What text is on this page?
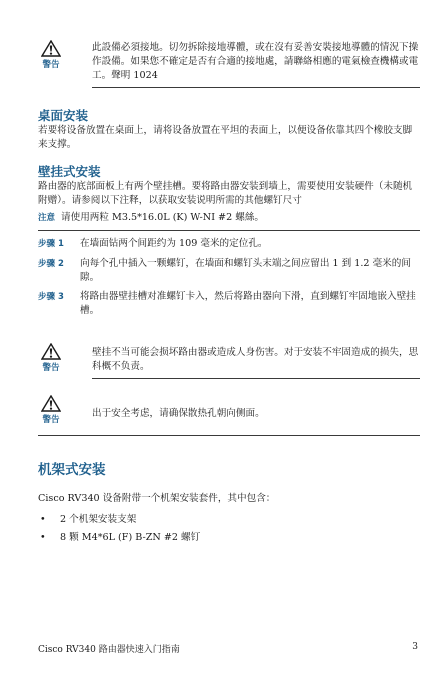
警告
此設備必須接地。切勿拆除接地導體，或在沒有妥善安裝接地導體的情況下操作設備。如果您不確定是否有合適的接地處，請聯絡相應的電氣檢查機構或電工。聲明 1024
桌面安装
若要将设备放置在桌面上，请将设备放置在平坦的表面上，以便设备依靠其四个橡胶支脚来支撑。
壁挂式安装
路由器的底部面板上有两个壁挂槽。要将路由器安装到墙上，需要使用安装硬件（未随机附赠）。请参阅以下注释，以获取安装说明所需的其他螺钉尺寸
注意 请使用两粒 M3.5*16.0L (K) W-NI #2 螺絲。
步骤 1 在墙面钻两个间距约为 109 毫米的定位孔。
步骤 2 向每个孔中插入一颗螺钉，在墙面和螺钉头末端之间应留出 1 到 1.2 毫米的间隙。
步骤 3 将路由器壁挂槽对准螺钉卡入，然后将路由器向下滑，直到螺钉牢固地嵌入壁挂槽。
警告
壁挂不当可能会损坏路由器或造成人身伤害。对于安装不牢固造成的损失，思科概不负责。
警告
出于安全考虑，请确保散热孔朝向侧面。
机架式安装
Cisco RV340 设备附带一个机架安装套件，其中包含：
• 2 个机架安装支架
• 8 颗 M4*6L (F) B-ZN #2 螺钉
Cisco RV340 路由器快速入门指南	3
